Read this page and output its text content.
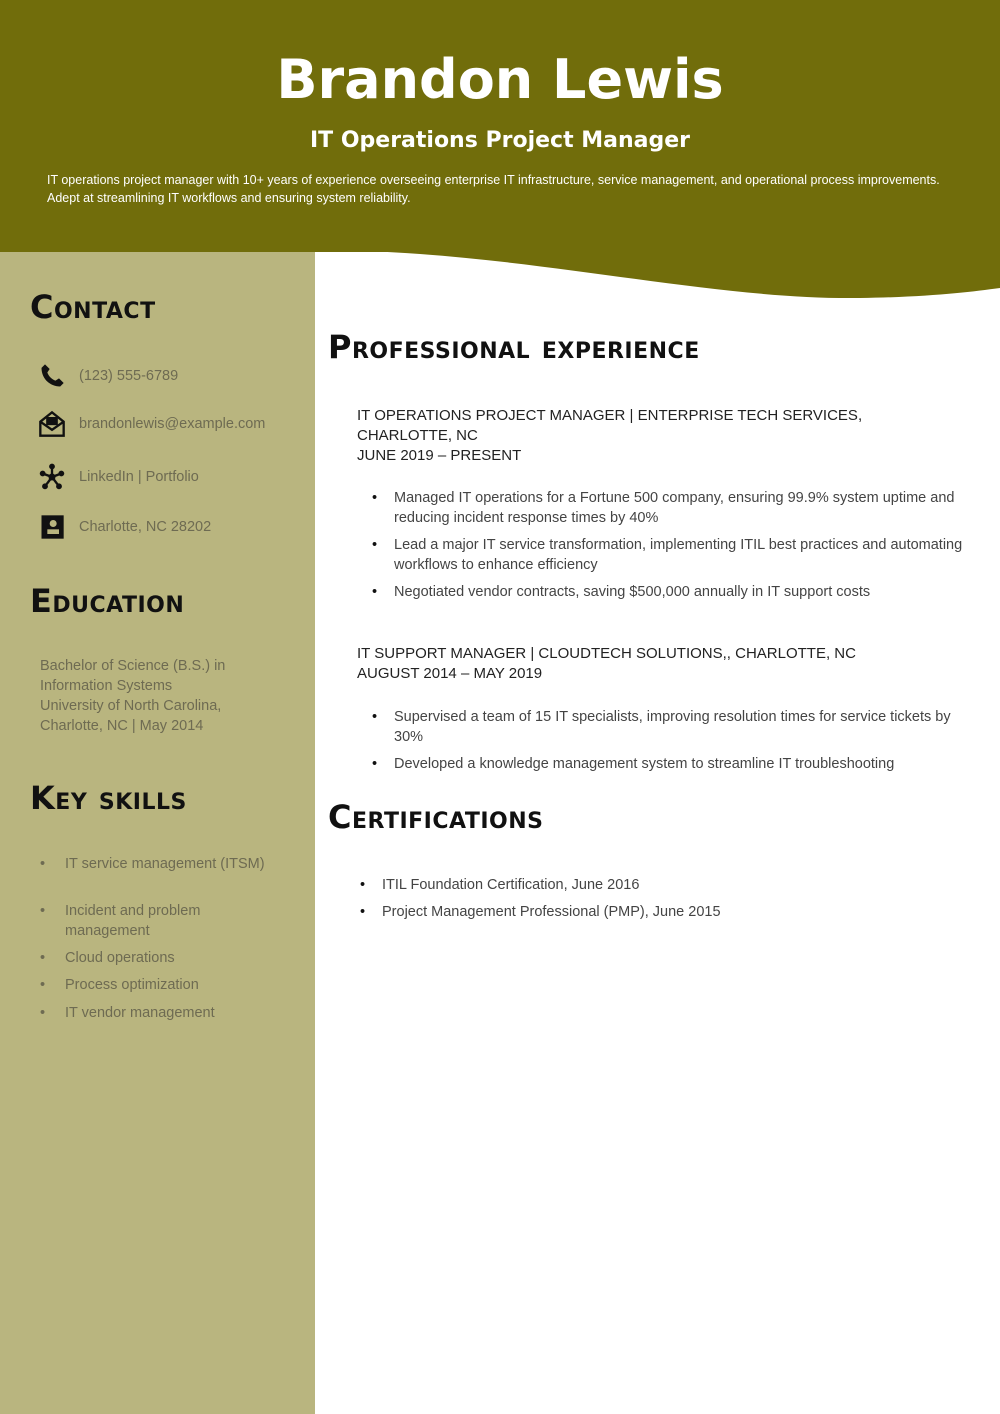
Brandon Lewis
IT Operations Project Manager
IT operations project manager with 10+ years of experience overseeing enterprise IT infrastructure, service management, and operational process improvements. Adept at streamlining IT workflows and ensuring system reliability.
Contact
(123) 555-6789
brandonlewis@example.com
LinkedIn | Portfolio
Charlotte, NC 28202
Education
Bachelor of Science (B.S.) in
Information Systems
University of North Carolina,
Charlotte, NC | May 2014
Key skills
• IT service management (ITSM)
• Incident and problem management
• Cloud operations
• Process optimization
• IT vendor management
Professional experience
IT OPERATIONS PROJECT MANAGER | ENTERPRISE TECH SERVICES, CHARLOTTE, NC
JUNE 2019 – PRESENT
• Managed IT operations for a Fortune 500 company, ensuring 99.9% system uptime and reducing incident response times by 40%
• Lead a major IT service transformation, implementing ITIL best practices and automating workflows to enhance efficiency
• Negotiated vendor contracts, saving $500,000 annually in IT support costs
IT SUPPORT MANAGER | CLOUDTECH SOLUTIONS,, CHARLOTTE, NC
AUGUST 2014 – MAY 2019
• Supervised a team of 15 IT specialists, improving resolution times for service tickets by 30%
• Developed a knowledge management system to streamline IT troubleshooting
Certifications
• ITIL Foundation Certification, June 2016
• Project Management Professional (PMP), June 2015
